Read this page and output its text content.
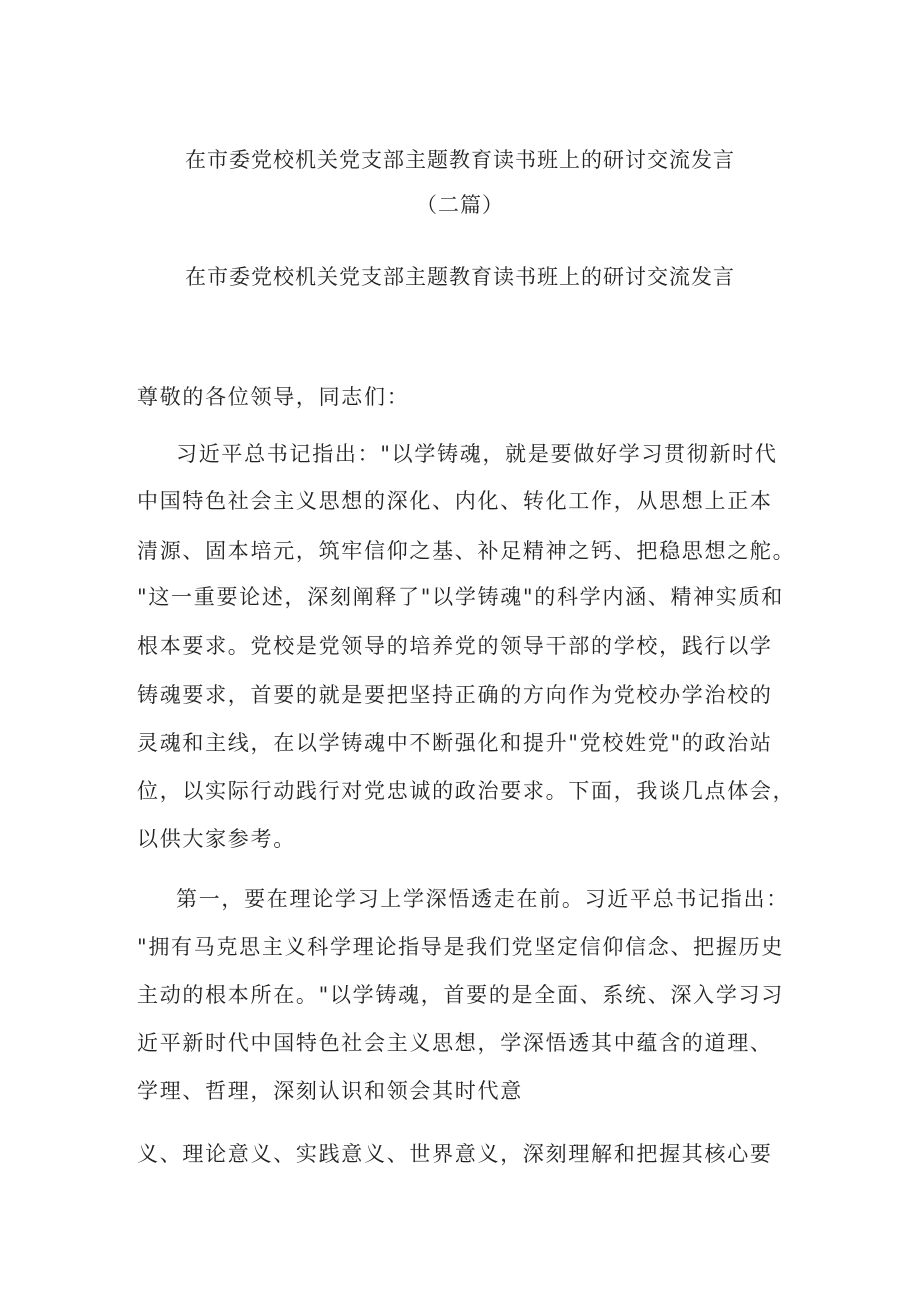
在市委党校机关党支部主题教育读书班上的研讨交流发言
（二篇）
在市委党校机关党支部主题教育读书班上的研讨交流发言
尊敬的各位领导，同志们：
习近平总书记指出："以学铸魂，就是要做好学习贯彻新时代
中国特色社会主义思想的深化、内化、转化工作，从思想上正本
清源、固本培元，筑牢信仰之基、补足精神之钙、把稳思想之舵。
"这一重要论述，深刻阐释了"以学铸魂"的科学内涵、精神实质和
根本要求。党校是党领导的培养党的领导干部的学校，践行以学
铸魂要求，首要的就是要把坚持正确的方向作为党校办学治校的
灵魂和主线，在以学铸魂中不断强化和提升"党校姓党"的政治站
位，以实际行动践行对党忠诚的政治要求。下面，我谈几点体会，
以供大家参考。
第一，要在理论学习上学深悟透走在前。习近平总书记指出：
"拥有马克思主义科学理论指导是我们党坚定信仰信念、把握历史
主动的根本所在。"以学铸魂，首要的是全面、系统、深入学习习
近平新时代中国特色社会主义思想，学深悟透其中蕴含的道理、
学理、哲理，深刻认识和领会其时代意
义、理论意义、实践意义、世界意义，深刻理解和把握其核心要
